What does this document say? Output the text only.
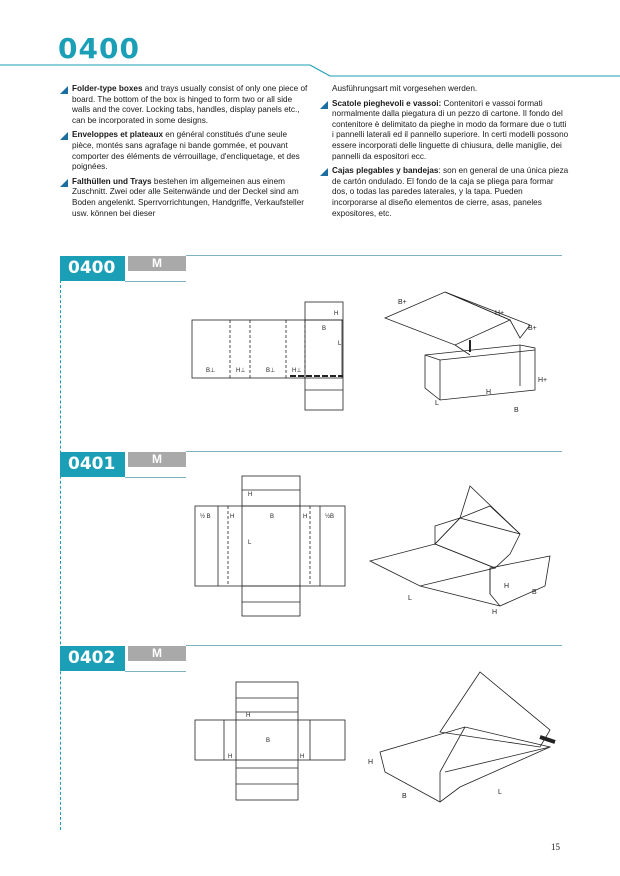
0400
Folder-type boxes and trays usually consist of only one piece of board. The bottom of the box is hinged to form two or all side walls and the cover. Locking tabs, handles, display panels etc., can be incorporated in some designs.
Enveloppes et plateaux en général constitués d'une seule pièce, montés sans agrafage ni bande gommée, et pouvant comporter des éléments de vérrouillage, d'encliquetage, et des poignées.
Falthüllen und Trays bestehen im allgemeinen aus einem Zuschnitt. Zwei oder alle Seitenwände und der Deckel sind am Boden angelenkt. Sperrvorrichtungen, Handgriffe, Verkaufsteller usw. können bei dieser
Ausführungsart mit vorgesehen werden.
Scatole pieghevoli e vassoi: Contenitori e vassoi formati normalmente dalla piegatura di un pezzo di cartone. Il fondo del contenitore è delimitato da pieghe in modo da formare due o tutti i pannelli laterali ed il pannello superiore. In certi modelli possono essere incorporati delle linguette di chiusura, delle maniglie, dei pannelli da espositori ecc.
Cajas plegables y bandejas: son en general de una única pieza de cartón ondulado. El fondo de la caja se pliega para formar dos, o todas las paredes laterales, y la tapa. Pueden incorporarse al diseño elementos de cierre, asas, paneles expositores, etc.
M
0400
B⊥	H⊥	B⊥	H⊥
B
L
H
B+
H+
B+
H+
H
L
B
M
0401
½ B	H	B	H	½B
H
L
L
H
B
H
M
0402
H
B
H	H
H
B
L
15
